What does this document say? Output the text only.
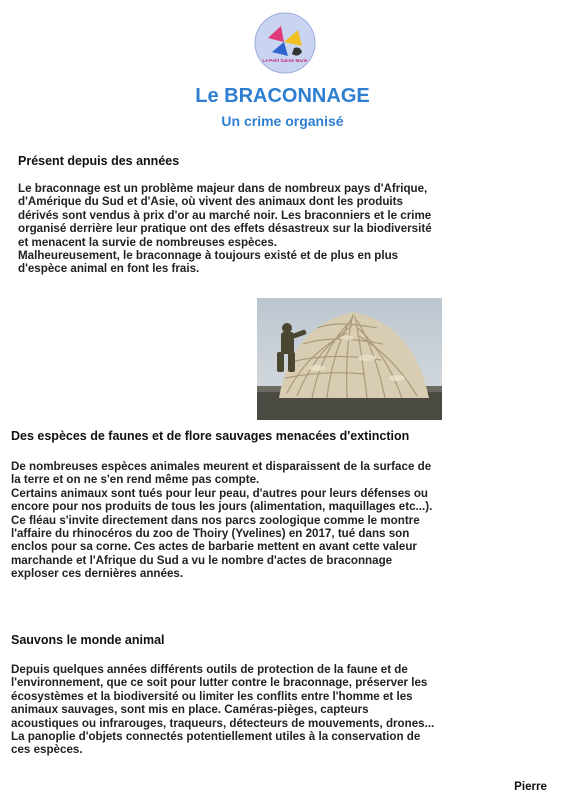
Le Petit Sainte Marie
Le BRACONNAGE
Un crime organisé
Présent depuis des années
Le braconnage est un problème majeur dans de nombreux pays d'Afrique,
d'Amérique du Sud et d'Asie, où vivent des animaux dont les produits
dérivés sont vendus à prix d'or au marché noir. Les braconniers et le crime
organisé derrière leur pratique ont des effets désastreux sur la biodiversité
et menacent la survie de nombreuses espèces.
Malheureusement, le braconnage à toujours existé et de plus en plus
d'espèce animal en font les frais.
Des espèces de faunes et de flore sauvages menacées d'extinction
De nombreuses espèces animales meurent et disparaissent de la surface de
la terre et on ne s'en rend même pas compte.
Certains animaux sont tués pour leur peau, d'autres pour leurs défenses ou
encore pour nos produits de tous les jours (alimentation, maquillages etc...).
Ce fléau s'invite directement dans nos parcs zoologique comme le montre
l'affaire du rhinocéros du zoo de Thoiry (Yvelines) en 2017, tué dans son
enclos pour sa corne. Ces actes de barbarie mettent en avant cette valeur
marchande et l'Afrique du Sud a vu le nombre d'actes de braconnage
exploser ces dernières années.
Sauvons le monde animal
Depuis quelques années différents outils de protection de la faune et de
l'environnement, que ce soit pour lutter contre le braconnage, préserver les
écosystèmes et la biodiversité ou limiter les conflits entre l'homme et les
animaux sauvages, sont mis en place. Caméras-pièges, capteurs
acoustiques ou infrarouges, traqueurs, détecteurs de mouvements, drones...
La panoplie d'objets connectés potentiellement utiles à la conservation de
ces espèces.
Pierre
